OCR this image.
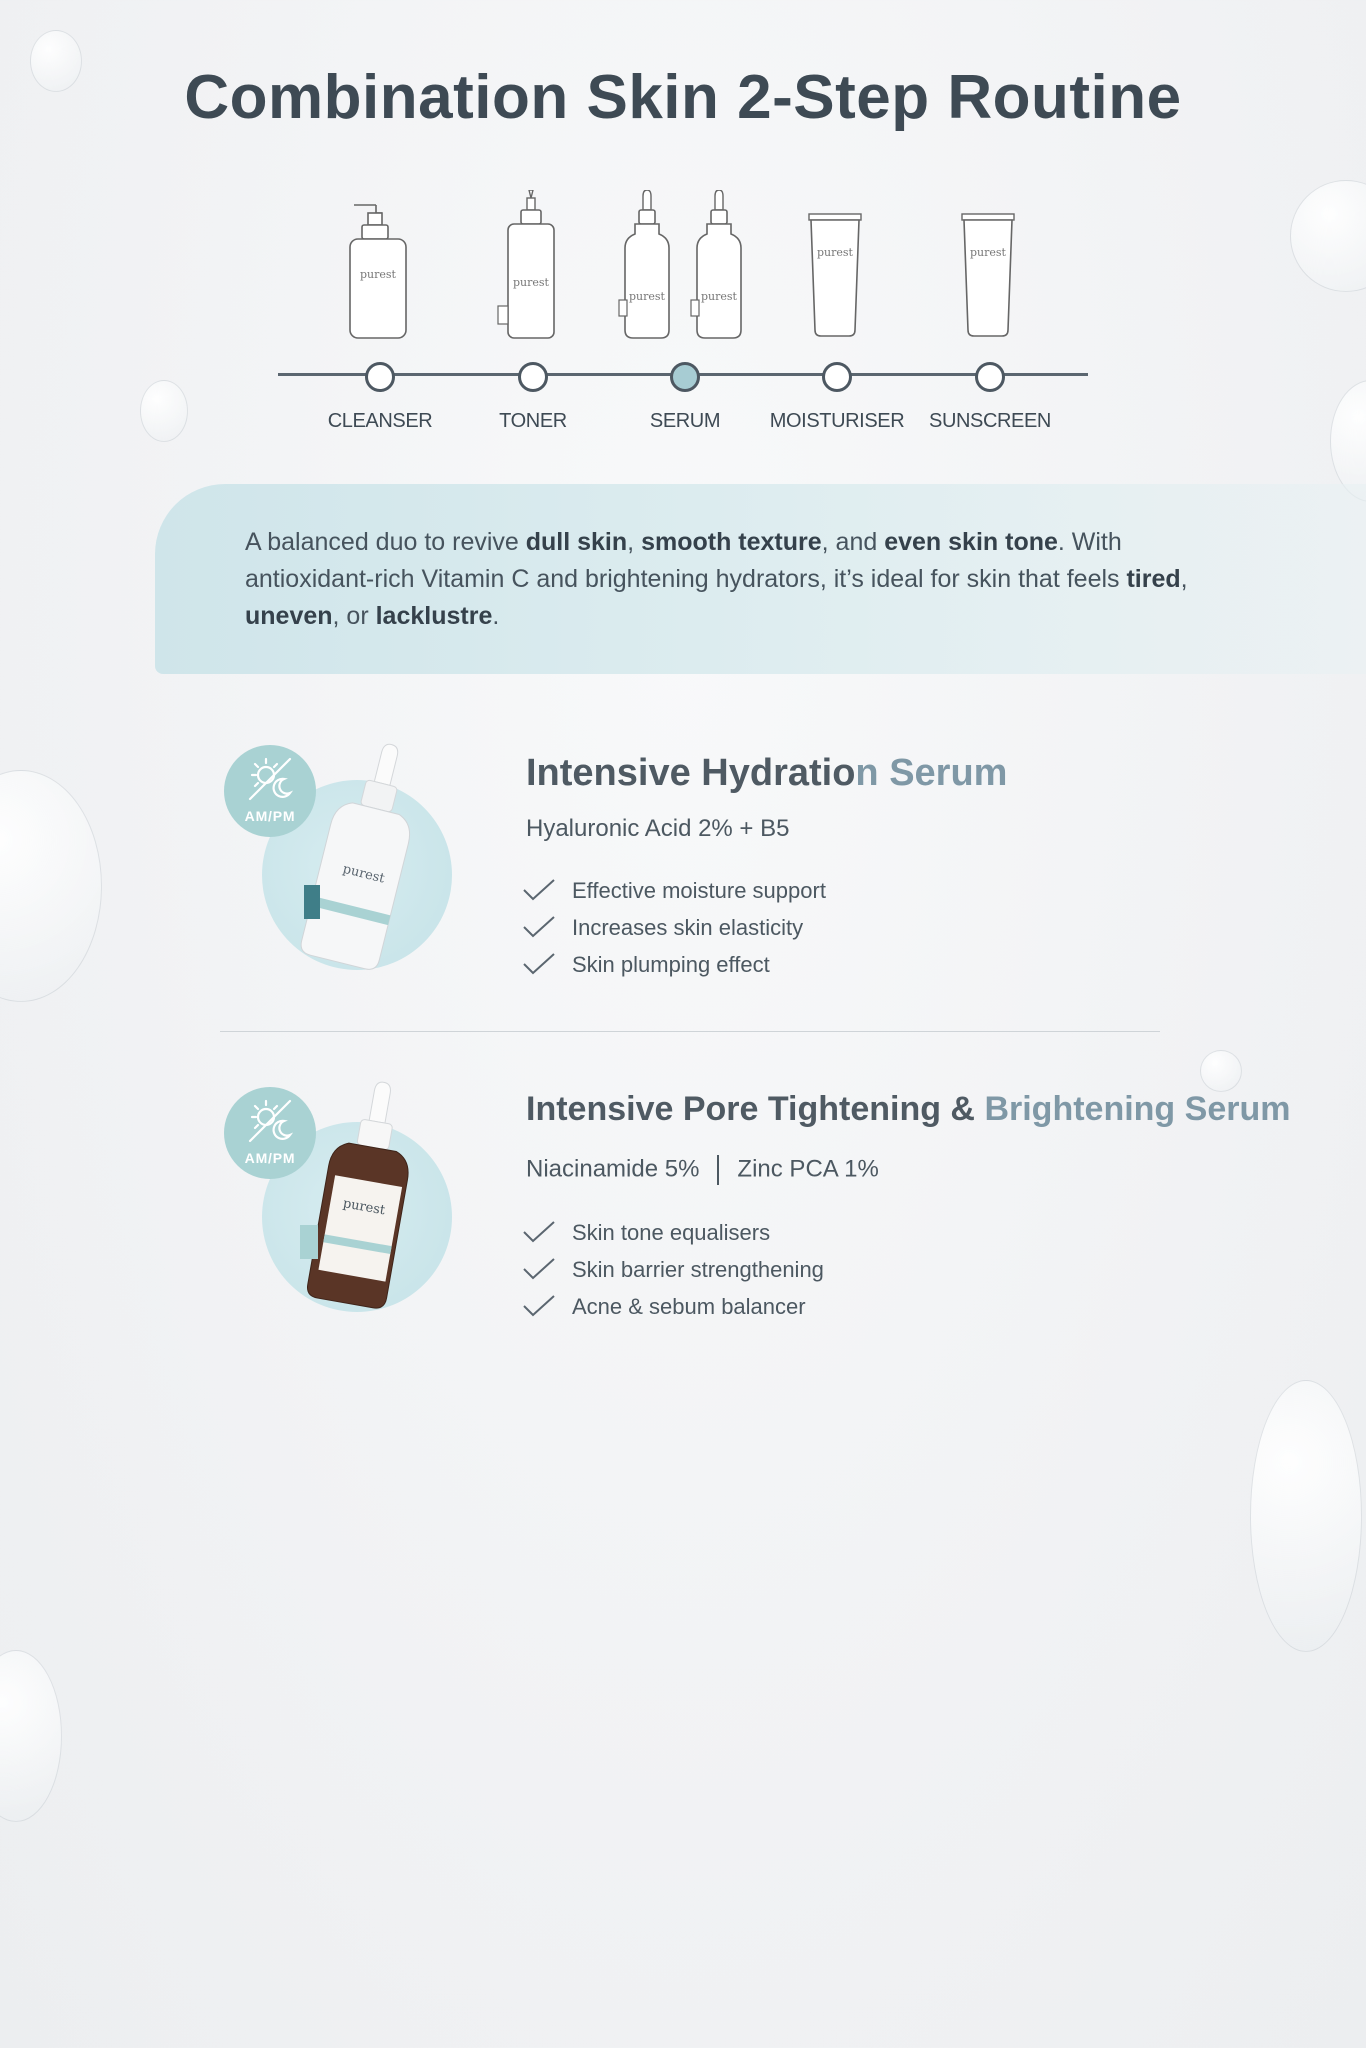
Combination Skin 2-Step Routine
purest
CLEANSER
purest
TONER
purest	purest
SERUM
purest
MOISTURISER
purest
SUNSCREEN

A balanced duo to revive dull skin, smooth texture, and even skin tone. With antioxidant-rich Vitamin C and brightening hydrators, it’s ideal for skin that feels tired, uneven, or lacklustre.

purest
AM/PM
Intensive Hydration Serum
Hyaluronic Acid 2% + B5
Effective moisture support
Increases skin elasticity
Skin plumping effect
purest
AM/PM
Intensive Pore Tightening & Brightening Serum
Niacinamide 5% Zinc PCA 1%
Skin tone equalisers
Skin barrier strengthening
Acne & sebum balancer
